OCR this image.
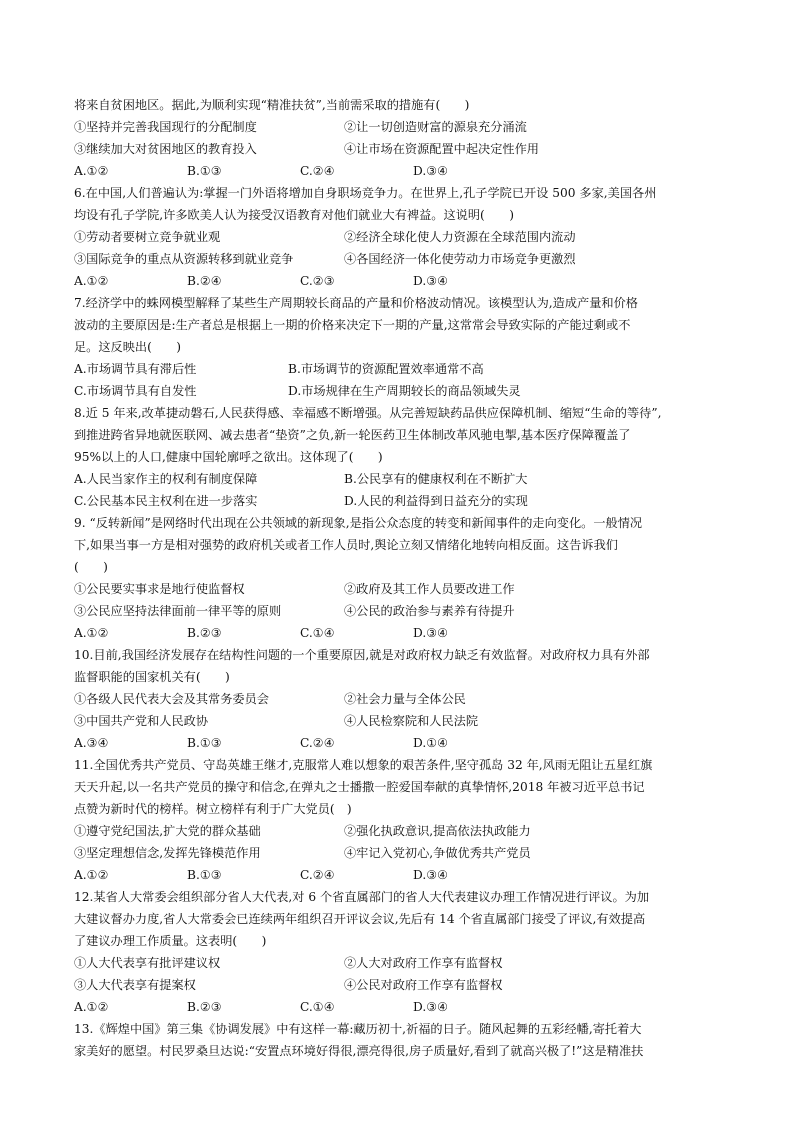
将来自贫困地区。据此,为顺利实现“精准扶贫”,当前需采取的措施有(　　)
①坚持并完善我国现行的分配制度	②让一切创造财富的源泉充分涌流
③继续加大对贫困地区的教育投入	④让市场在资源配置中起决定性作用
A.①②	B.①③	C.②④	D.③④
6.在中国,人们普遍认为:掌握一门外语将增加自身职场竞争力。在世界上,孔子学院已开设 500 多家,美国各州
均设有孔子学院,许多欧美人认为接受汉语教育对他们就业大有裨益。这说明(　　)
①劳动者要树立竞争就业观	②经济全球化使人力资源在全球范围内流动
③国际竞争的重点从资源转移到就业竞争	④各国经济一体化使劳动力市场竞争更激烈
A.①②	B.②④	C.②③	D.③④
7.经济学中的蛛网模型解释了某些生产周期较长商品的产量和价格波动情况。该模型认为,造成产量和价格
波动的主要原因是:生产者总是根据上一期的价格来决定下一期的产量,这常常会导致实际的产能过剩或不
足。这反映出(　　)
A.市场调节具有滞后性	B.市场调节的资源配置效率通常不高
C.市场调节具有自发性	D.市场规律在生产周期较长的商品领域失灵
8.近 5 年来,改革捷动磐石,人民获得感、幸福感不断增强。从完善短缺药品供应保障机制、缩短“生命的等待”,
到推进跨省异地就医联网、减去患者“垫资”之负,新一轮医药卫生体制改革风驰电掣,基本医疗保障覆盖了
95%以上的人口,健康中国轮廓呼之欲出。这体现了(　　)
A.人民当家作主的权利有制度保障	B.公民享有的健康权利在不断扩大
C.公民基本民主权利在进一步落实	D.人民的利益得到日益充分的实现
9. “反转新闻”是网络时代出现在公共领域的新现象,是指公众态度的转变和新闻事件的走向变化。一般情况
下,如果当事一方是相对强势的政府机关或者工作人员时,舆论立刻又情绪化地转向相反面。这告诉我们
(　　)
①公民要实事求是地行使监督权	②政府及其工作人员要改进工作
③公民应坚持法律面前一律平等的原则	④公民的政治参与素养有待提升
A.①②	B.②③	C.①④	D.③④
10.目前,我国经济发展存在结构性问题的一个重要原因,就是对政府权力缺乏有效监督。对政府权力具有外部
监督职能的国家机关有(　　)
①各级人民代表大会及其常务委员会	②社会力量与全体公民
③中国共产党和人民政协	④人民检察院和人民法院
A.③④	B.①③	C.②④	D.①④
11.全国优秀共产党员、守岛英雄王继才,克服常人难以想象的艰苦条件,坚守孤岛 32 年,风雨无阻让五星红旗
天天升起,以一名共产党员的操守和信念,在弹丸之士播撒一腔爱国奉献的真挚情怀,2018 年被习近平总书记
点赞为新时代的榜样。树立榜样有利于广大党员(　)
①遵守党纪国法,扩大党的群众基础	②强化执政意识,提高依法执政能力
③坚定理想信念,发挥先锋模范作用	④牢记入党初心,争做优秀共产党员
A.①②	B.①③	C.②④	D.③④
12.某省人大常委会组织部分省人大代表,对 6 个省直属部门的省人大代表建议办理工作情况进行评议。为加
大建议督办力度,省人大常委会已连续两年组织召开评议会议,先后有 14 个省直属部门接受了评议,有效提高
了建议办理工作质量。这表明(　　)
①人大代表享有批评建议权	②人大对政府工作享有监督权
③人大代表享有提案权	④公民对政府工作享有监督权
A.①②	B.②③	C.①④	D.③④
13.《辉煌中国》第三集《协调发展》中有这样一幕:藏历初十,祈福的日子。随风起舞的五彩经幡,寄托着大
家美好的愿望。村民罗桑旦达说:“安置点环境好得很,漂亮得很,房子质量好,看到了就高兴极了!”这是精准扶
